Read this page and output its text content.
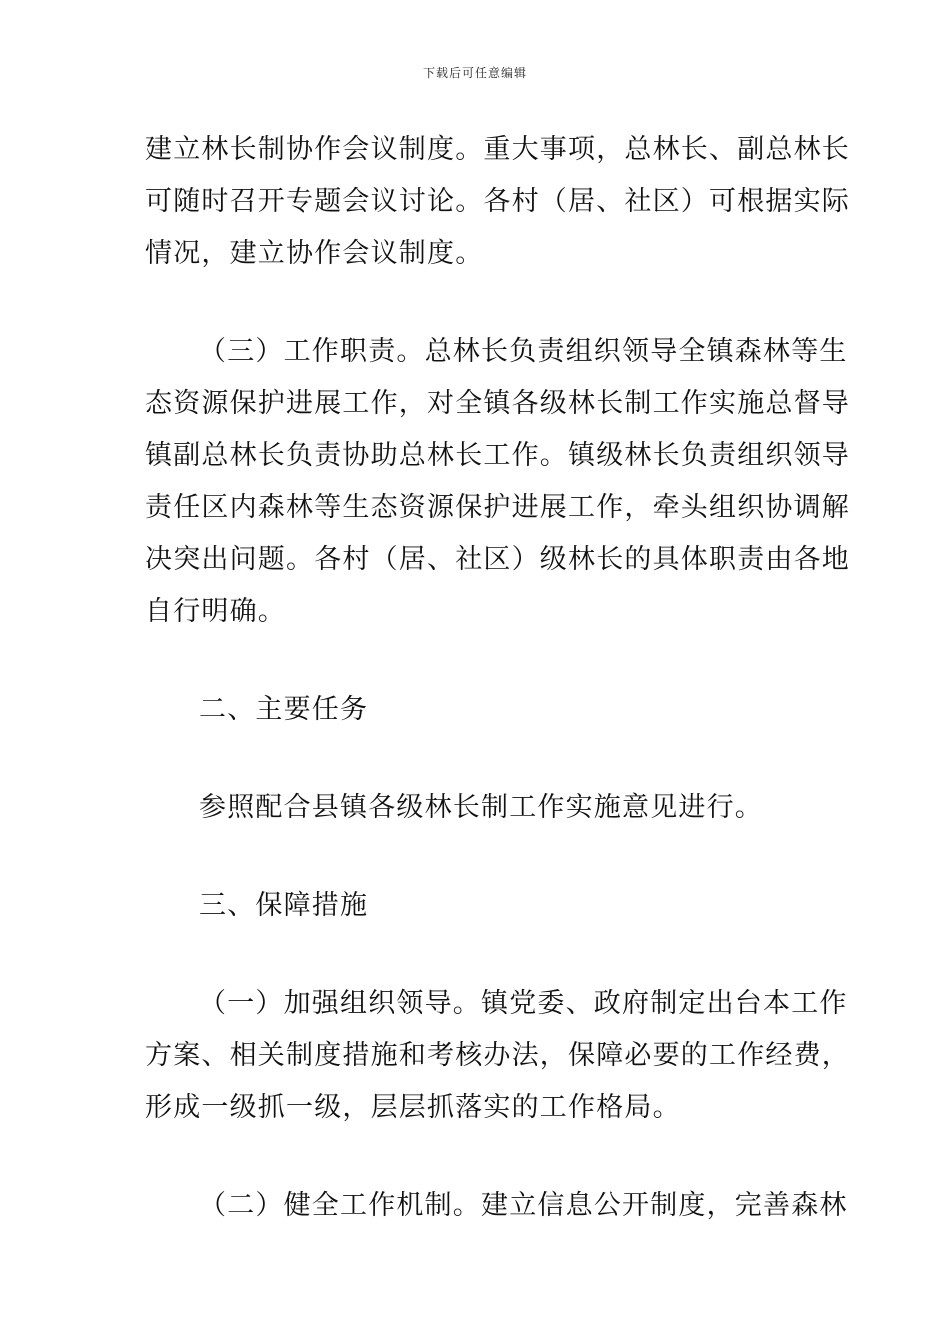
下载后可任意编辑
建立林长制协作会议制度。重大事项，总林长、副总林长
可随时召开专题会议讨论。各村（居、社区）可根据实际
情况，建立协作会议制度。
（三）工作职责。总林长负责组织领导全镇森林等生
态资源保护进展工作，对全镇各级林长制工作实施总督导
镇副总林长负责协助总林长工作。镇级林长负责组织领导
责任区内森林等生态资源保护进展工作，牵头组织协调解
决突出问题。各村（居、社区）级林长的具体职责由各地
自行明确。
二、主要任务
参照配合县镇各级林长制工作实施意见进行。
三、保障措施
（一）加强组织领导。镇党委、政府制定出台本工作
方案、相关制度措施和考核办法，保障必要的工作经费，
形成一级抓一级，层层抓落实的工作格局。
（二）健全工作机制。建立信息公开制度，完善森林
